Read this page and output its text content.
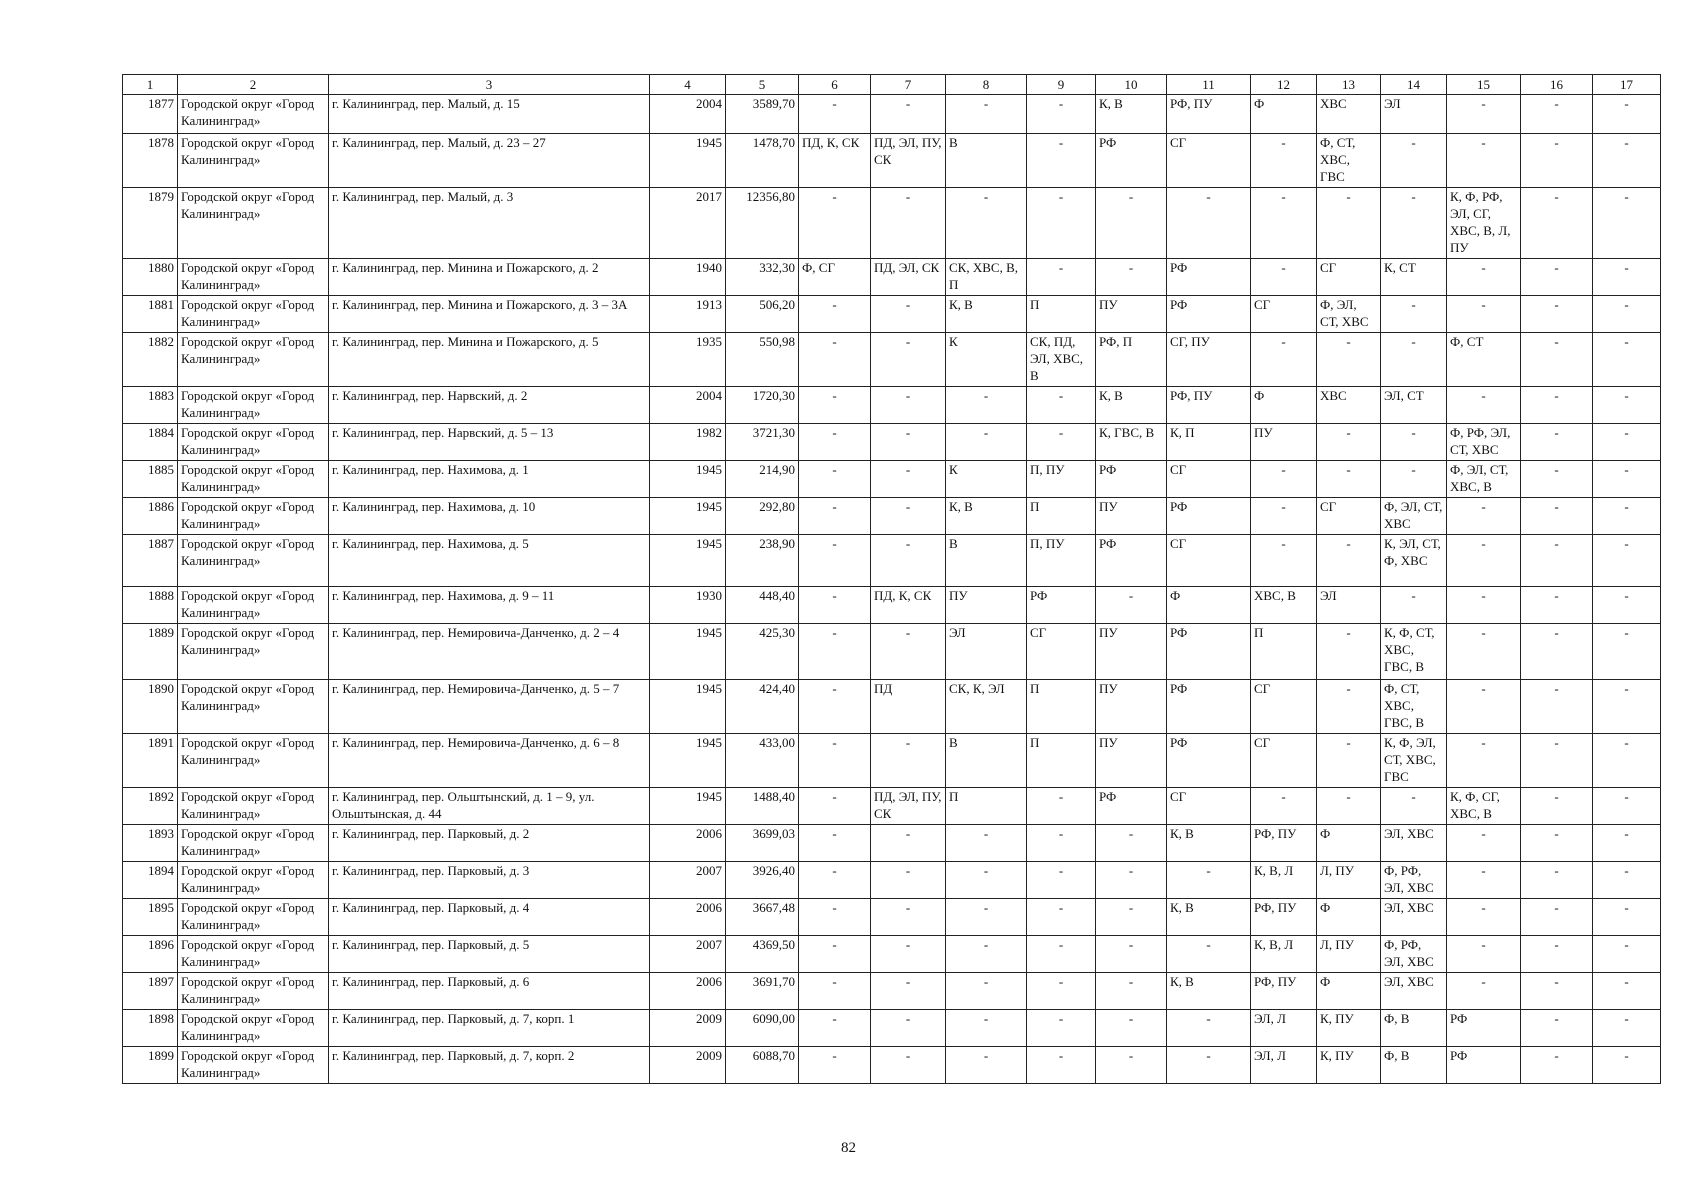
1	2	3	4	5	6	7	8	9	10	11	12	13	14	15	16	17
1877	Городской округ «Город Калининград»	г. Калининград, пер. Малый, д. 15	2004	3589,70	-	-	-	-	К, В	РФ, ПУ	Ф	ХВС	ЭЛ	-	-	-
1878	Городской округ «Город Калининград»	г. Калининград, пер. Малый, д. 23 – 27	1945	1478,70	ПД, К, СК	ПД, ЭЛ, ПУ, СК	В	-	РФ	СГ	-	Ф, СТ, ХВС, ГВС	-	-	-	-
1879	Городской округ «Город Калининград»	г. Калининград, пер. Малый, д. 3	2017	12356,80	-	-	-	-	-	-	-	-	-	К, Ф, РФ, ЭЛ, СГ, ХВС, В, Л, ПУ	-	-
1880	Городской округ «Город Калининград»	г. Калининград, пер. Минина и Пожарского, д. 2	1940	332,30	Ф, СГ	ПД, ЭЛ, СК	СК, ХВС, В, П	-	-	РФ	-	СГ	К, СТ	-	-	-
1881	Городской округ «Город Калининград»	г. Калининград, пер. Минина и Пожарского, д. 3 – 3А	1913	506,20	-	-	К, В	П	ПУ	РФ	СГ	Ф, ЭЛ, СТ, ХВС	-	-	-	-
1882	Городской округ «Город Калининград»	г. Калининград, пер. Минина и Пожарского, д. 5	1935	550,98	-	-	К	СК, ПД, ЭЛ, ХВС, В	РФ, П	СГ, ПУ	-	-	-	Ф, СТ	-	-
1883	Городской округ «Город Калининград»	г. Калининград, пер. Нарвский, д. 2	2004	1720,30	-	-	-	-	К, В	РФ, ПУ	Ф	ХВС	ЭЛ, СТ	-	-	-
1884	Городской округ «Город Калининград»	г. Калининград, пер. Нарвский, д. 5 – 13	1982	3721,30	-	-	-	-	К, ГВС, В	К, П	ПУ	-	-	Ф, РФ, ЭЛ, СТ, ХВС	-	-
1885	Городской округ «Город Калининград»	г. Калининград, пер. Нахимова, д. 1	1945	214,90	-	-	К	П, ПУ	РФ	СГ	-	-	-	Ф, ЭЛ, СТ, ХВС, В	-	-
1886	Городской округ «Город Калининград»	г. Калининград, пер. Нахимова, д. 10	1945	292,80	-	-	К, В	П	ПУ	РФ	-	СГ	Ф, ЭЛ, СТ, ХВС	-	-	-
1887	Городской округ «Город Калининград»	г. Калининград, пер. Нахимова, д. 5	1945	238,90	-	-	В	П, ПУ	РФ	СГ	-	-	К, ЭЛ, СТ, Ф, ХВС	-	-	-
1888	Городской округ «Город Калининград»	г. Калининград, пер. Нахимова, д. 9 – 11	1930	448,40	-	ПД, К, СК	ПУ	РФ	-	Ф	ХВС, В	ЭЛ	-	-	-	-
1889	Городской округ «Город Калининград»	г. Калининград, пер. Немировича-Данченко, д. 2 – 4	1945	425,30	-	-	ЭЛ	СГ	ПУ	РФ	П	-	К, Ф, СТ, ХВС, ГВС, В	-	-	-
1890	Городской округ «Город Калининград»	г. Калининград, пер. Немировича-Данченко, д. 5 – 7	1945	424,40	-	ПД	СК, К, ЭЛ	П	ПУ	РФ	СГ	-	Ф, СТ, ХВС, ГВС, В	-	-	-
1891	Городской округ «Город Калининград»	г. Калининград, пер. Немировича-Данченко, д. 6 – 8	1945	433,00	-	-	В	П	ПУ	РФ	СГ	-	К, Ф, ЭЛ, СТ, ХВС, ГВС	-	-	-
1892	Городской округ «Город Калининград»	г. Калининград, пер. Ольштынский, д. 1 – 9, ул. Ольштынская, д. 44	1945	1488,40	-	ПД, ЭЛ, ПУ, СК	П	-	РФ	СГ	-	-	-	К, Ф, СГ, ХВС, В	-	-
1893	Городской округ «Город Калининград»	г. Калининград, пер. Парковый, д. 2	2006	3699,03	-	-	-	-	-	К, В	РФ, ПУ	Ф	ЭЛ, ХВС	-	-	-
1894	Городской округ «Город Калининград»	г. Калининград, пер. Парковый, д. 3	2007	3926,40	-	-	-	-	-	-	К, В, Л	Л, ПУ	Ф, РФ, ЭЛ, ХВС	-	-	-
1895	Городской округ «Город Калининград»	г. Калининград, пер. Парковый, д. 4	2006	3667,48	-	-	-	-	-	К, В	РФ, ПУ	Ф	ЭЛ, ХВС	-	-	-
1896	Городской округ «Город Калининград»	г. Калининград, пер. Парковый, д. 5	2007	4369,50	-	-	-	-	-	-	К, В, Л	Л, ПУ	Ф, РФ, ЭЛ, ХВС	-	-	-
1897	Городской округ «Город Калининград»	г. Калининград, пер. Парковый, д. 6	2006	3691,70	-	-	-	-	-	К, В	РФ, ПУ	Ф	ЭЛ, ХВС	-	-	-
1898	Городской округ «Город Калининград»	г. Калининград, пер. Парковый, д. 7, корп. 1	2009	6090,00	-	-	-	-	-	-	ЭЛ, Л	К, ПУ	Ф, В	РФ	-	-
1899	Городской округ «Город Калининград»	г. Калининград, пер. Парковый, д. 7, корп. 2	2009	6088,70	-	-	-	-	-	-	ЭЛ, Л	К, ПУ	Ф, В	РФ	-	-
82
